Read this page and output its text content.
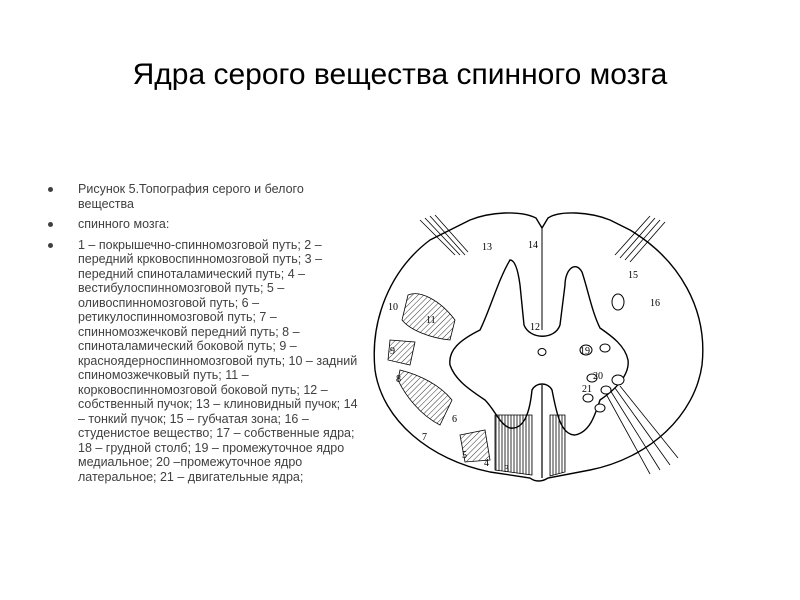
Ядра серого вещества спинного мозга
Рисунок 5.Топография серого и белого вещества
спинного мозга:
1 – покрышечно-спинномозговой путь; 2 – передний крковоспинномозговой путь; 3 – передний спиноталамический путь; 4 – вестибулоспинномозговой путь; 5 – оливоспинномозговой путь; 6 – ретикулоспинномозговой путь; 7 – спинномозжечковй передний путь; 8 – спиноталамический боковой путь; 9 – красноядерноспинномозговой путь; 10 – задний спиномозжечковый путь; 11 – корковоспинномозговой боковой путь; 12 – собственный пучок; 13 – клиновидный пучок; 14 – тонкий пучок; 15 – губчатая зона; 16 – студенистое вещество; 17 – собственные ядра; 18 – грудной столб; 19 – промежуточное ядро медиальное; 20 –промежуточное ядро латеральное; 21 – двигательные ядра;
13	14
15
16
10
11
12
9	19
8	20
21
7
6
5
4
3
